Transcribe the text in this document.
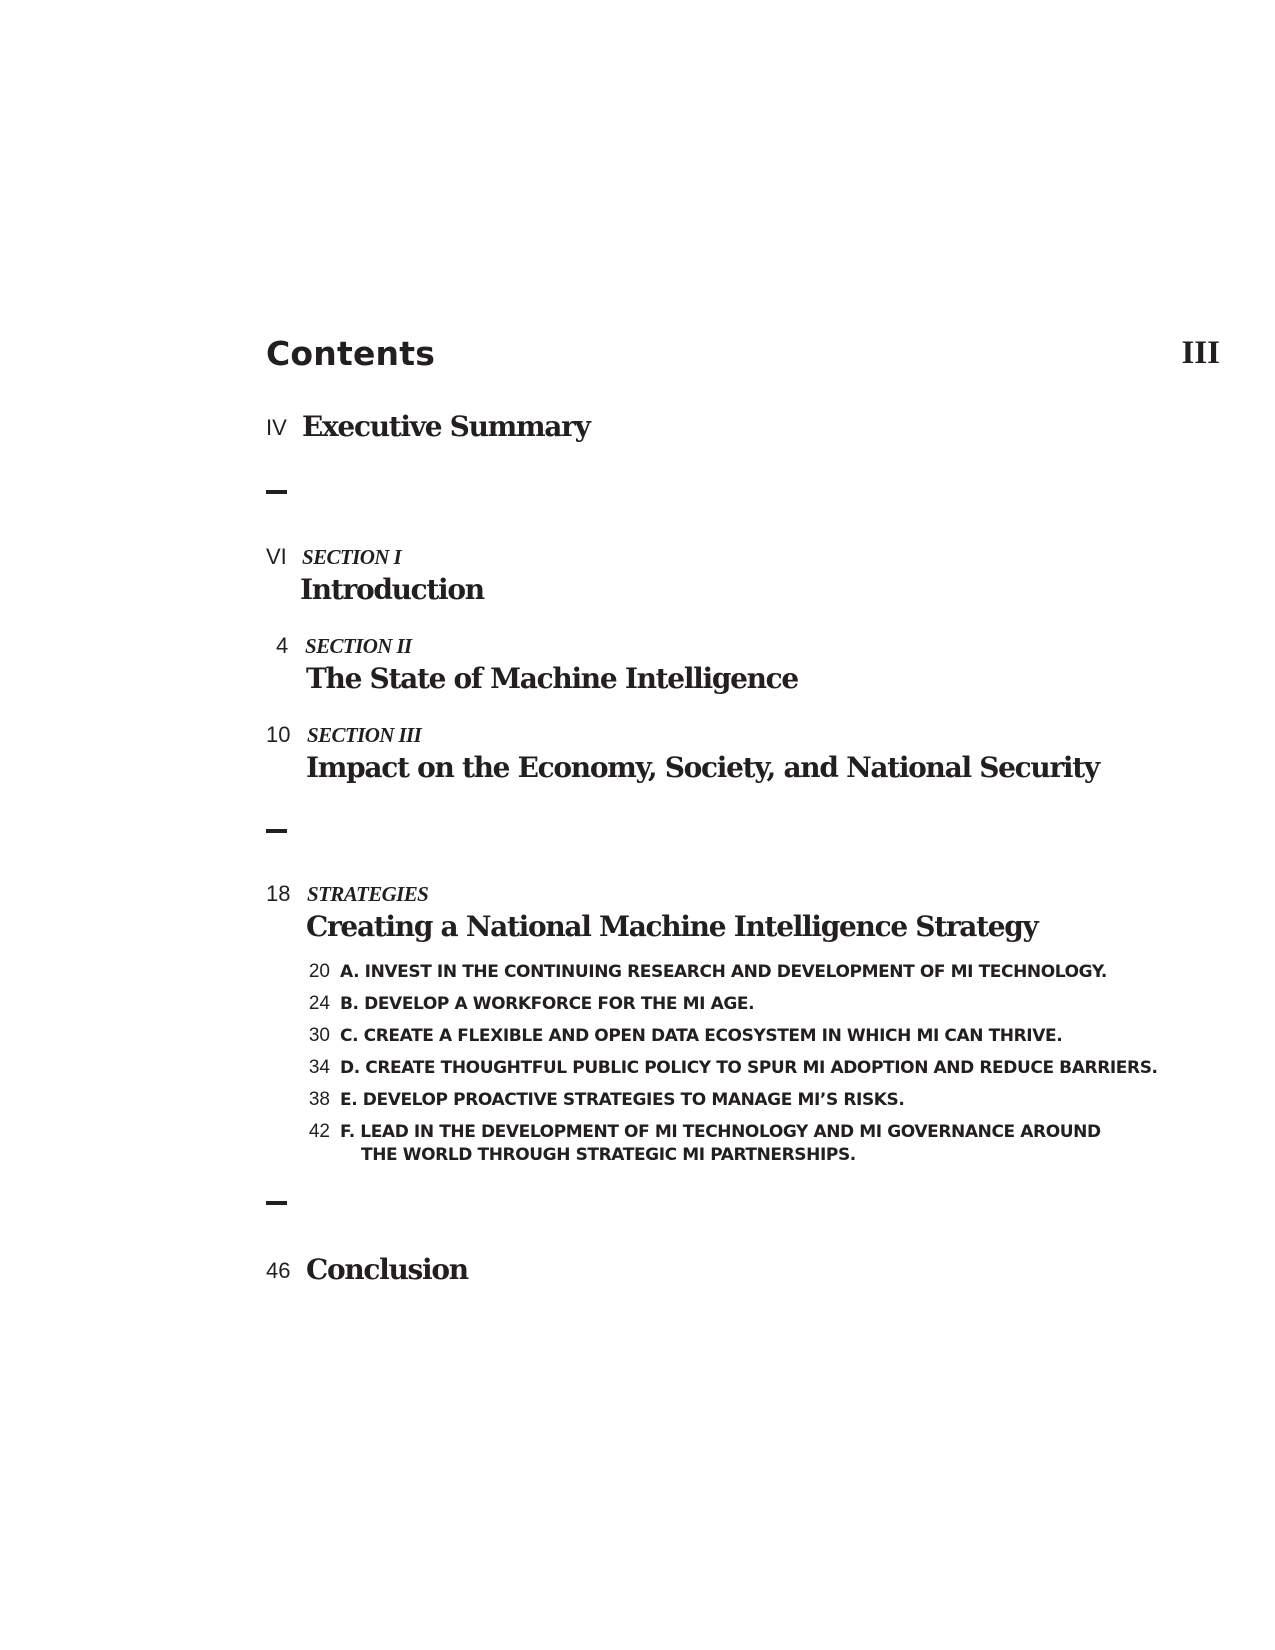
Contents	III
IV Executive Summary
VI SECTION I
Introduction
4 SECTION II
The State of Machine Intelligence
10 SECTION III
Impact on the Economy, Society, and National Security
18 STRATEGIES
Creating a National Machine Intelligence Strategy
20 A. INVEST IN THE CONTINUING RESEARCH AND DEVELOPMENT OF MI TECHNOLOGY.
24 B. DEVELOP A WORKFORCE FOR THE MI AGE.
30 C. CREATE A FLEXIBLE AND OPEN DATA ECOSYSTEM IN WHICH MI CAN THRIVE.
34 D. CREATE THOUGHTFUL PUBLIC POLICY TO SPUR MI ADOPTION AND REDUCE BARRIERS.
38 E. DEVELOP PROACTIVE STRATEGIES TO MANAGE MI’S RISKS.
42 F. LEAD IN THE DEVELOPMENT OF MI TECHNOLOGY AND MI GOVERNANCE AROUND
THE WORLD THROUGH STRATEGIC MI PARTNERSHIPS.
46 Conclusion
